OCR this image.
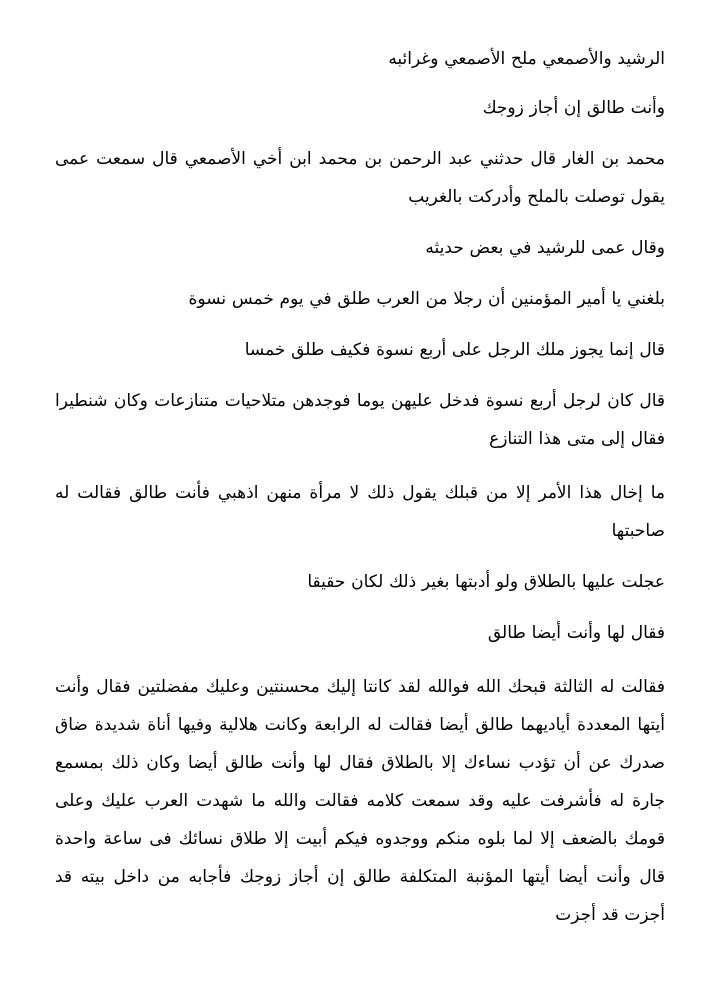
الرشيد والأصمعي ملح الأصمعي وغرائبه

وأنت طالق إن أجاز زوجك

محمد بن الغار قال حدثني عبد الرحمن بن محمد ابن أخي الأصمعي قال سمعت عمى يقول توصلت بالملح وأدركت بالغريب

وقال عمى للرشيد في بعض حديثه

بلغني يا أمير المؤمنين أن رجلا من العرب طلق في يوم خمس نسوة

قال إنما يجوز ملك الرجل على أربع نسوة فكيف طلق خمسا

قال كان لرجل أربع نسوة فدخل عليهن يوما فوجدهن متلاحيات متنازعات وكان شنطيرا فقال إلى متى هذا التنازع

ما إخال هذا الأمر إلا من قبلك يقول ذلك لا مرأة منهن اذهبي فأنت طالق فقالت له صاحبتها

عجلت عليها بالطلاق ولو أدبتها بغير ذلك لكان حقيقا

فقال لها وأنت أيضا طالق

فقالت له الثالثة قبحك الله فوالله لقد كانتا إليك محسنتين وعليك مفضلتين فقال وأنت أيتها المعددة أياديهما طالق أيضا فقالت له الرابعة وكانت هلالية وفيها أناة شديدة ضاق صدرك عن أن تؤدب نساءك إلا بالطلاق فقال لها وأنت طالق أيضا وكان ذلك بمسمع جارة له فأشرفت عليه وقد سمعت كلامه فقالت والله ما شهدت العرب عليك وعلى قومك بالضعف إلا لما بلوه منكم ووجدوه فيكم أبيت إلا طلاق نسائك فى ساعة واحدة قال وأنت أيضا أيتها المؤنبة المتكلفة طالق إن أجاز زوجك فأجابه من داخل بيته قد أجزت قد أجزت
